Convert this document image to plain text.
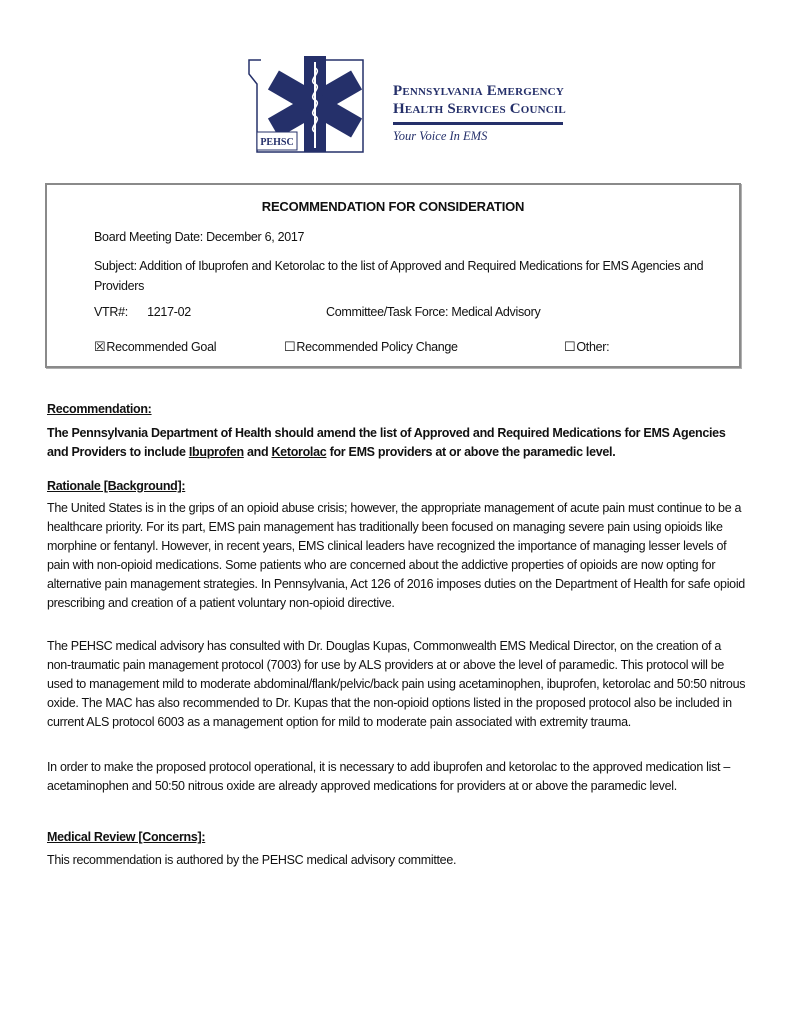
PEHSC
Pennsylvania Emergency
Health Services Council
Your Voice In EMS
RECOMMENDATION FOR CONSIDERATION
Board Meeting Date: December 6, 2017
Subject: Addition of Ibuprofen and Ketorolac to the list of Approved and Required Medications for EMS Agencies and Providers
VTR#: 1217-02	Committee/Task Force: Medical Advisory
☒Recommended Goal	☐Recommended Policy Change	☐Other:
Recommendation:
The Pennsylvania Department of Health should amend the list of Approved and Required Medications for EMS Agencies and Providers to include Ibuprofen and Ketorolac for EMS providers at or above the paramedic level.
Rationale [Background]:
The United States is in the grips of an opioid abuse crisis; however, the appropriate management of acute pain must continue to be a healthcare priority. For its part, EMS pain management has traditionally been focused on managing severe pain using opioids like morphine or fentanyl. However, in recent years, EMS clinical leaders have recognized the importance of managing lesser levels of pain with non-opioid medications. Some patients who are concerned about the addictive properties of opioids are now opting for alternative pain management strategies. In Pennsylvania, Act 126 of 2016 imposes duties on the Department of Health for safe opioid prescribing and creation of a patient voluntary non-opioid directive.
The PEHSC medical advisory has consulted with Dr. Douglas Kupas, Commonwealth EMS Medical Director, on the creation of a non-traumatic pain management protocol (7003) for use by ALS providers at or above the level of paramedic. This protocol will be used to management mild to moderate abdominal/flank/pelvic/back pain using acetaminophen, ibuprofen, ketorolac and 50:50 nitrous oxide. The MAC has also recommended to Dr. Kupas that the non-opioid options listed in the proposed protocol also be included in current ALS protocol 6003 as a management option for mild to moderate pain associated with extremity trauma.
In order to make the proposed protocol operational, it is necessary to add ibuprofen and ketorolac to the approved medication list – acetaminophen and 50:50 nitrous oxide are already approved medications for providers at or above the paramedic level.
Medical Review [Concerns]:
This recommendation is authored by the PEHSC medical advisory committee.
